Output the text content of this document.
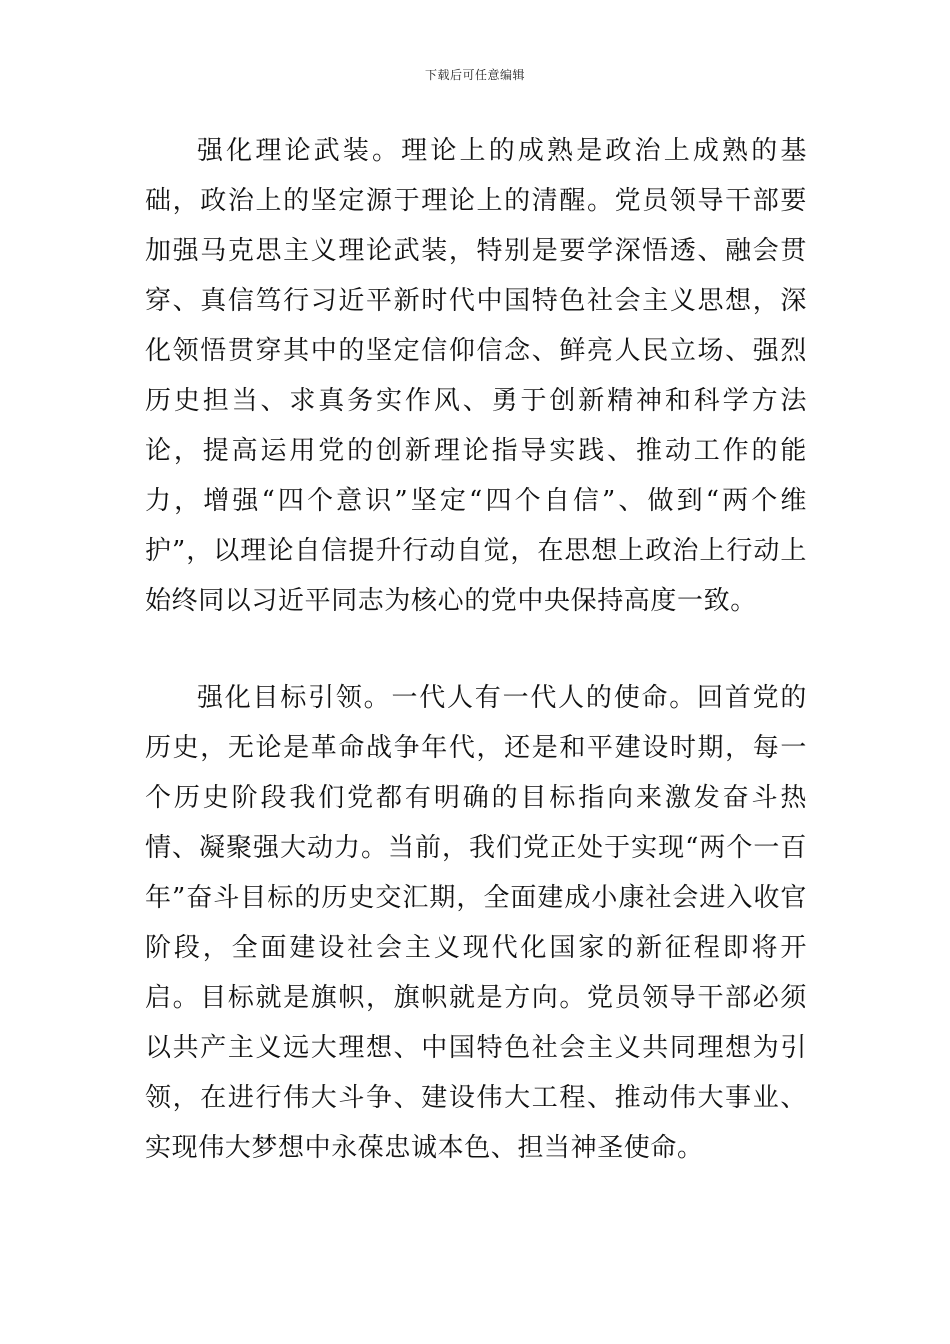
下载后可任意编辑

强化理论武装。理论上的成熟是政治上成熟的基础，政治上的坚定源于理论上的清醒。党员领导干部要加强马克思主义理论武装，特别是要学深悟透、融会贯穿、真信笃行习近平新时代中国特色社会主义思想，深化领悟贯穿其中的坚定信仰信念、鲜亮人民立场、强烈历史担当、求真务实作风、勇于创新精神和科学方法论，提高运用党的创新理论指导实践、推动工作的能力，增强“四个意识”坚定“四个自信”、做到“两个维护”，以理论自信提升行动自觉，在思想上政治上行动上始终同以习近平同志为核心的党中央保持高度一致。

强化目标引领。一代人有一代人的使命。回首党的历史，无论是革命战争年代，还是和平建设时期，每一个历史阶段我们党都有明确的目标指向来激发奋斗热情、凝聚强大动力。当前，我们党正处于实现“两个一百年”奋斗目标的历史交汇期，全面建成小康社会进入收官阶段，全面建设社会主义现代化国家的新征程即将开启。目标就是旗帜，旗帜就是方向。党员领导干部必须以共产主义远大理想、中国特色社会主义共同理想为引领，在进行伟大斗争、建设伟大工程、推动伟大事业、实现伟大梦想中永葆忠诚本色、担当神圣使命。
